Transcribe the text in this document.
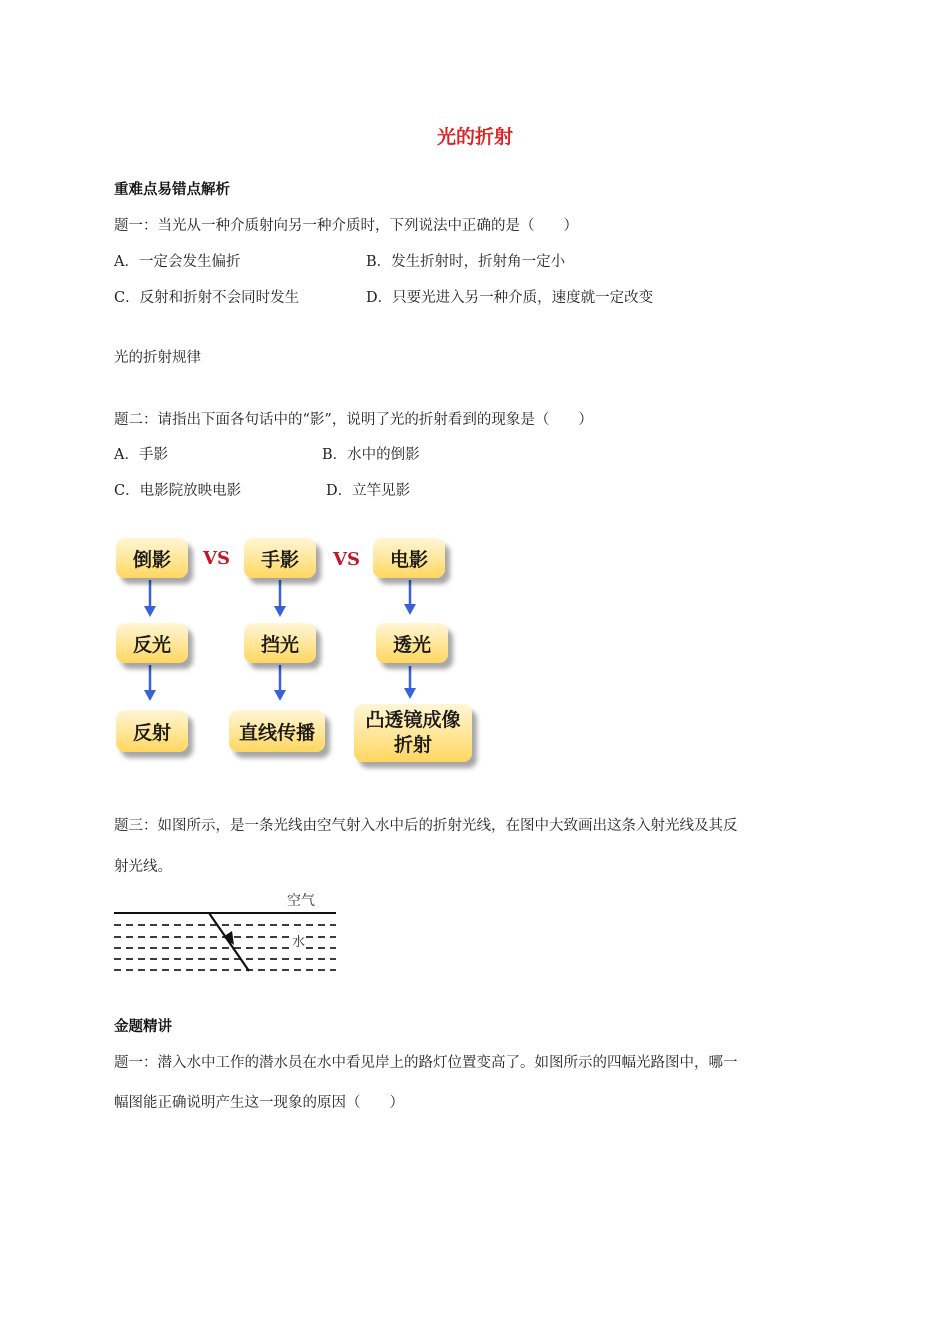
光的折射
重难点易错点解析
题一：当光从一种介质射向另一种介质时，下列说法中正确的是（　　）
A．一定会发生偏折	B．发生折射时，折射角一定小
C．反射和折射不会同时发生	D．只要光进入另一种介质，速度就一定改变
光的折射规律
题二：请指出下面各句话中的“影”，说明了光的折射看到的现象是（　　）
A．手影	B．水中的倒影
C．电影院放映电影	D．立竿见影
倒影 VS 手影 VS 电影
反光	挡光	透光
反射	直线传播
凸透镜成像
折射
题三：如图所示，是一条光线由空气射入水中后的折射光线，在图中大致画出这条入射光线及其反
射光线。
空气
水
金题精讲
题一：潜入水中工作的潜水员在水中看见岸上的路灯位置变高了。如图所示的四幅光路图中，哪一
幅图能正确说明产生这一现象的原因（　　）
